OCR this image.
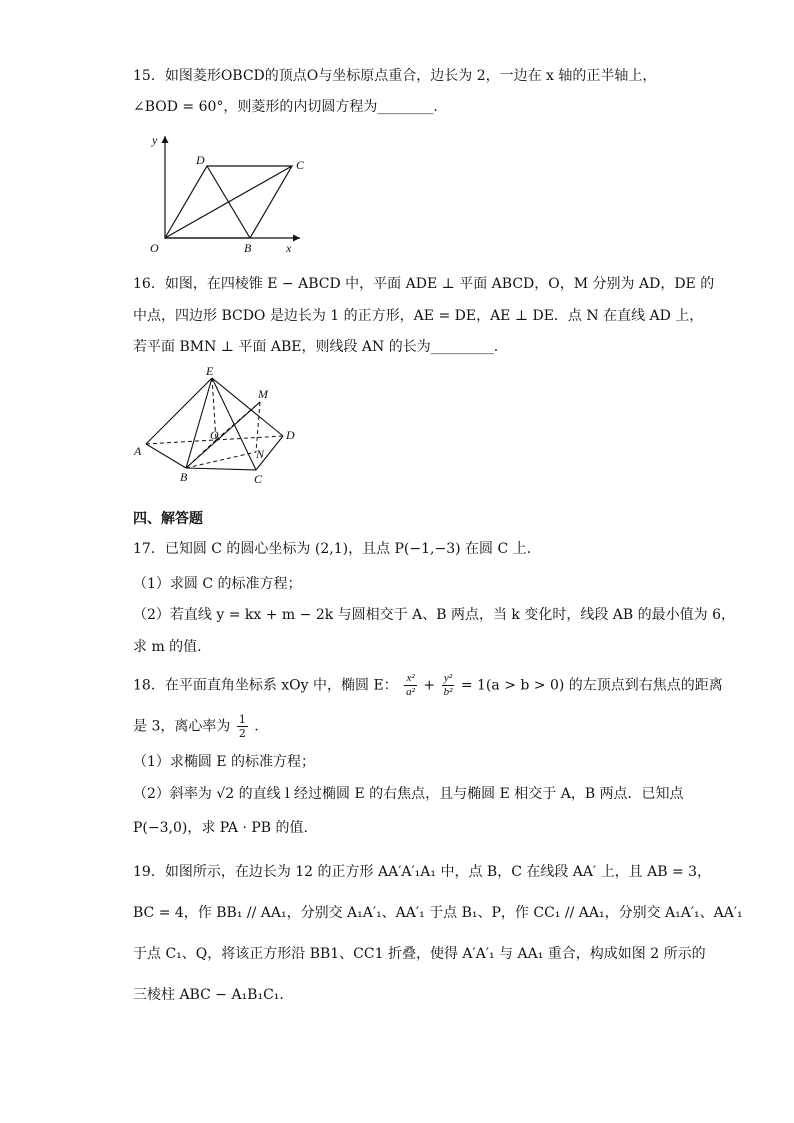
15．如图菱形OBCD的顶点O与坐标原点重合，边长为 2，一边在 x 轴的正半轴上，
∠BOD = 60°，则菱形的内切圆方程为________.
y
x
O	B
C
D
16．如图，在四棱锥 E − ABCD 中，平面 ADE ⊥ 平面 ABCD，O，M 分别为 AD，DE 的
中点，四边形 BCDO 是边长为 1 的正方形，AE = DE，AE ⊥ DE．点 N 在直线 AD 上，
若平面 BMN ⊥ 平面 ABE，则线段 AN 的长为_________.
E
M
O	D
A	N
B	C
四、解答题
17．已知圆 C 的圆心坐标为 (2,1)，且点 P(−1,−3) 在圆 C 上.
（1）求圆 C 的标准方程；
（2）若直线 y = kx + m − 2k 与圆相交于 A、B 两点，当 k 变化时，线段 AB 的最小值为 6，
求 m 的值.
18．在平面直角坐标系 xOy 中，椭圆 E： $\frac{\text{x²}}{\text{a²}} + \frac{\text{y²}}{\text{b²}} = 1(a > b > 0)$ 的左顶点到右焦点的距离
是 3，离心率为 $\frac{1}{2}$ .
（1）求椭圆 E 的标准方程；
（2）斜率为 √2 的直线 l 经过椭圆 E 的右焦点，且与椭圆 E 相交于 A，B 两点．已知点
P(−3,0)，求 PA · PB 的值.
19．如图所示，在边长为 12 的正方形 AA′A′₁A₁ 中，点 B，C 在线段 AA′ 上，且 AB = 3，
BC = 4，作 BB₁ // AA₁，分别交 A₁A′₁、AA′₁ 于点 B₁、P，作 CC₁ // AA₁，分别交 A₁A′₁、AA′₁
于点 C₁、Q，将该正方形沿 BB1、CC1 折叠，使得 A′A′₁ 与 AA₁ 重合，构成如图 2 所示的
三棱柱 ABC − A₁B₁C₁.
